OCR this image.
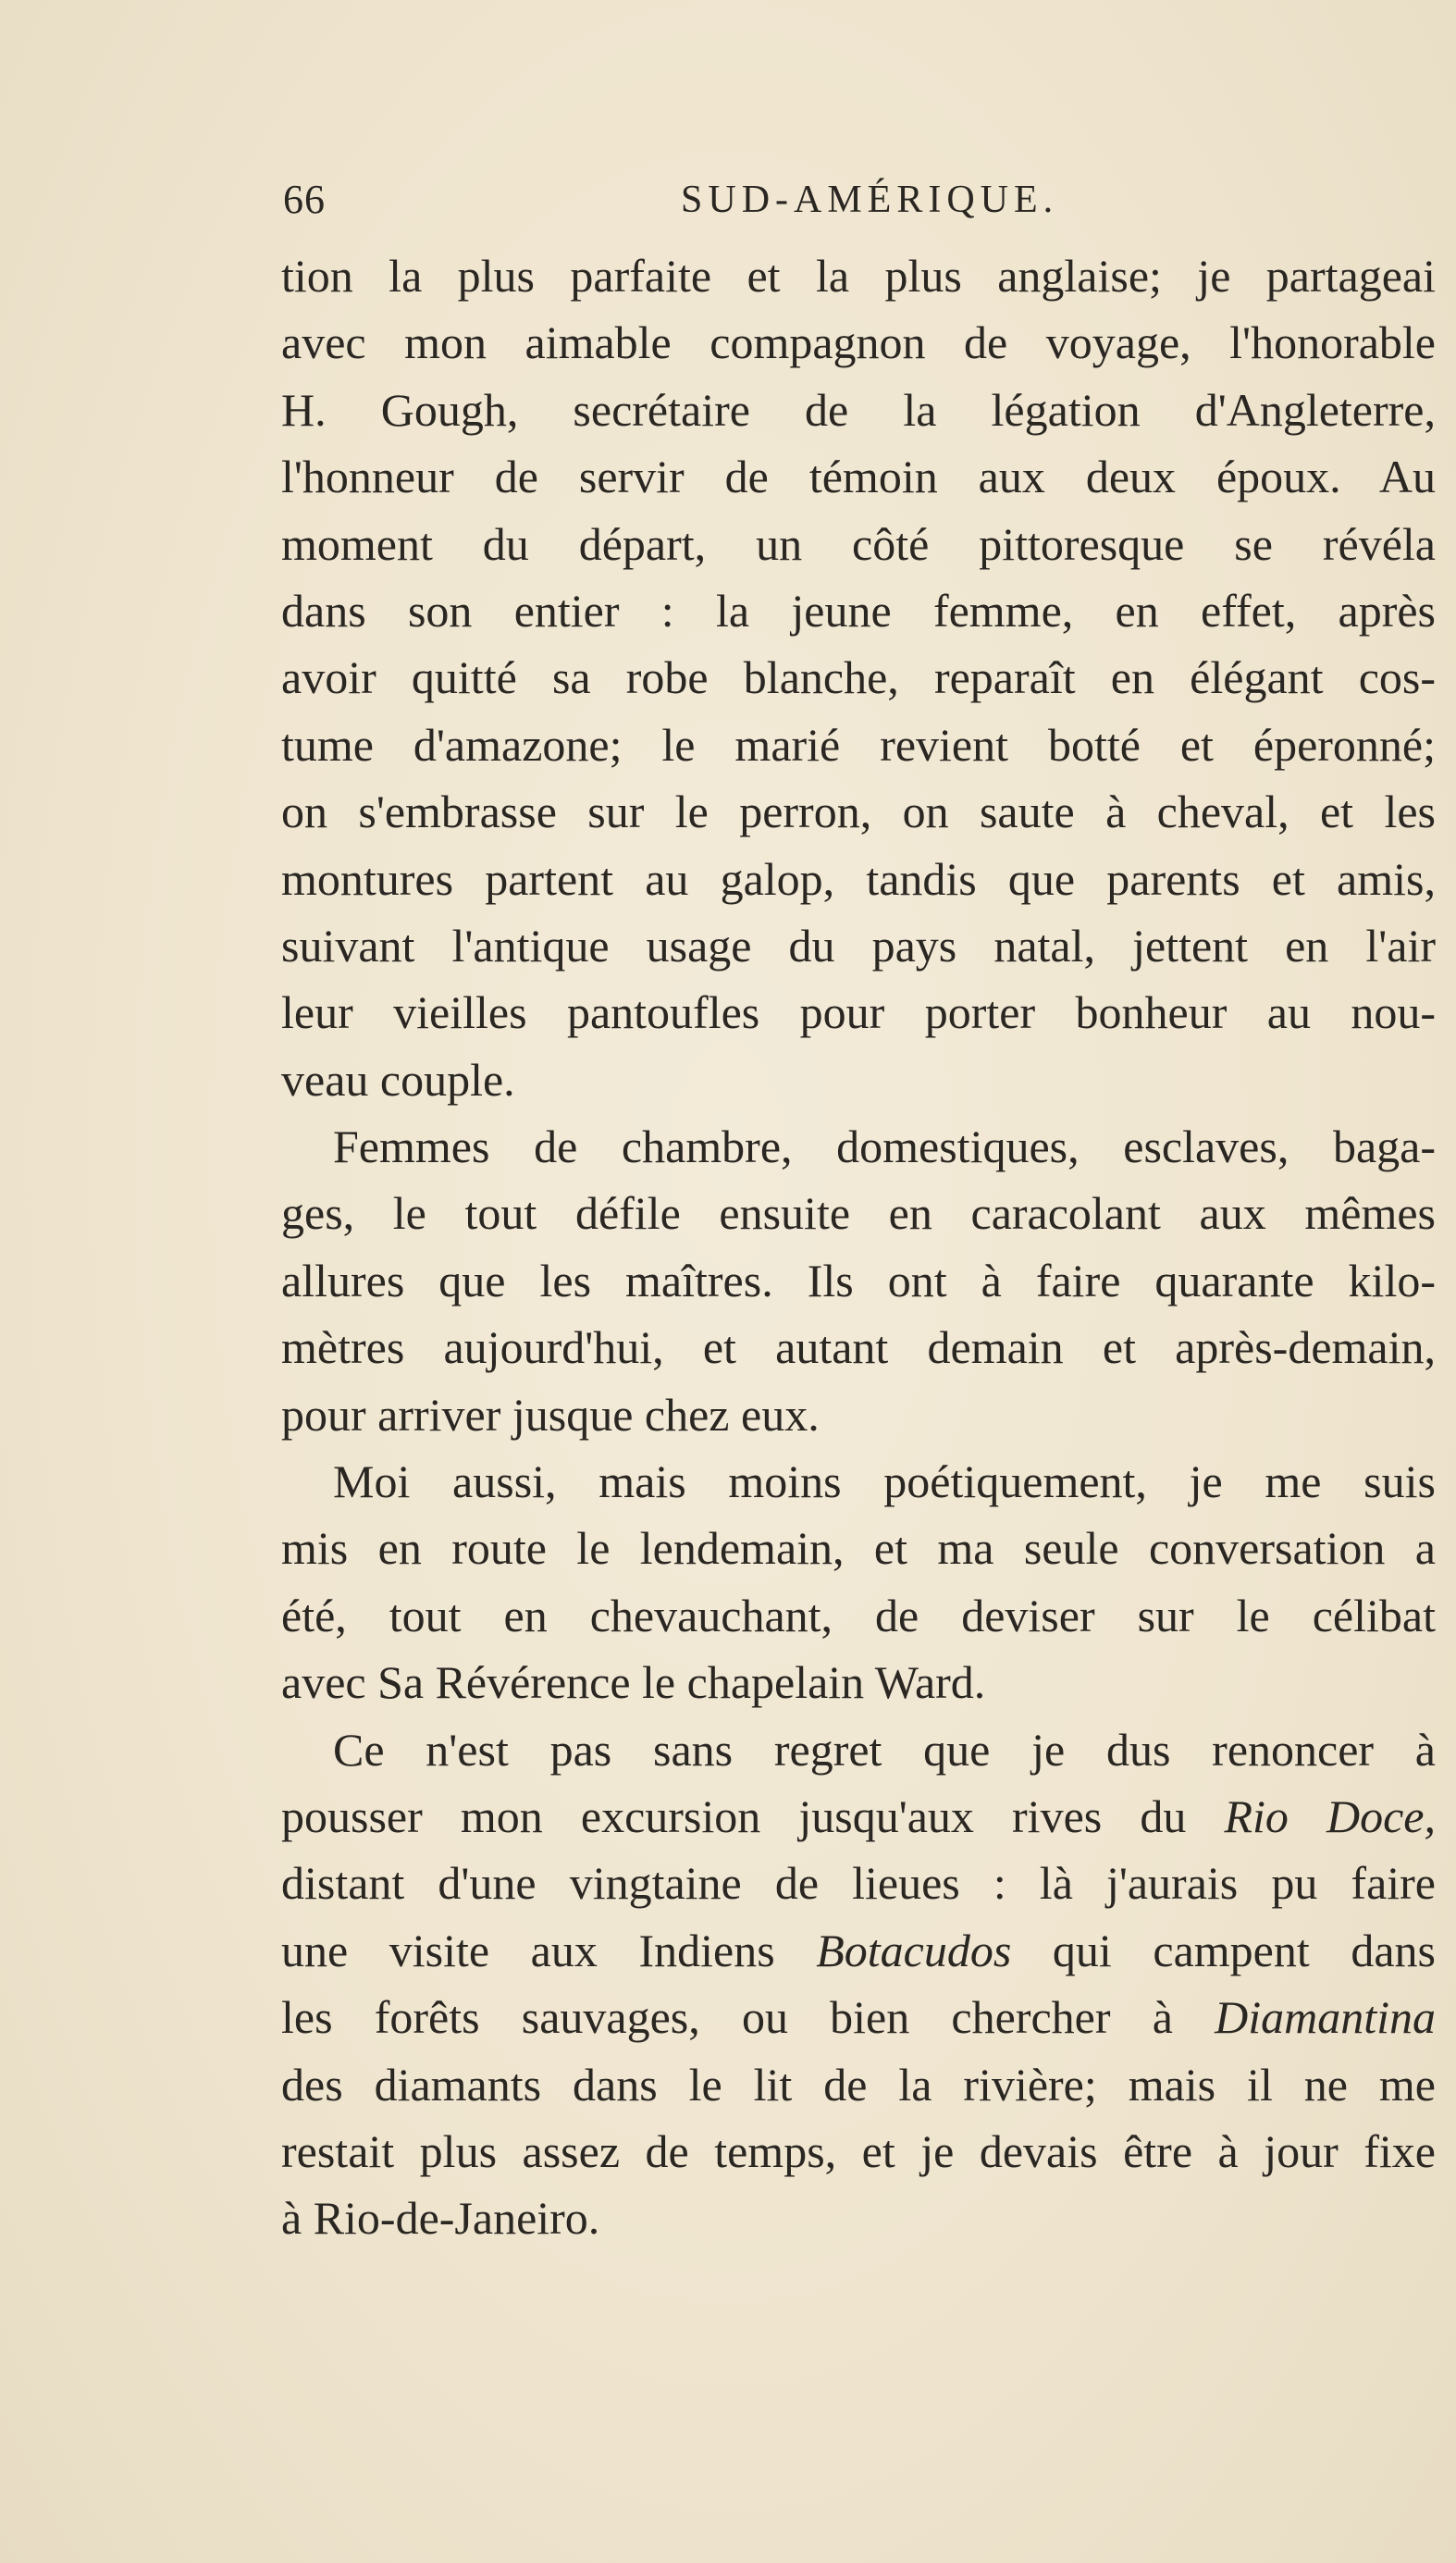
66	SUD-AMÉRIQUE.
tion la plus parfaite et la plus anglaise; je partageai
avec mon aimable compagnon de voyage, l'honorable
H. Gough, secrétaire de la légation d'Angleterre,
l'honneur de servir de témoin aux deux époux. Au
moment du départ, un côté pittoresque se révéla
dans son entier : la jeune femme, en effet, après
avoir quitté sa robe blanche, reparaît en élégant cos-
tume d'amazone; le marié revient botté et éperonné;
on s'embrasse sur le perron, on saute à cheval, et les
montures partent au galop, tandis que parents et amis,
suivant l'antique usage du pays natal, jettent en l'air
leur vieilles pantoufles pour porter bonheur au nou-
veau couple.
Femmes de chambre, domestiques, esclaves, baga-
ges, le tout défile ensuite en caracolant aux mêmes
allures que les maîtres. Ils ont à faire quarante kilo-
mètres aujourd'hui, et autant demain et après-demain,
pour arriver jusque chez eux.
Moi aussi, mais moins poétiquement, je me suis
mis en route le lendemain, et ma seule conversation a
été, tout en chevauchant, de deviser sur le célibat
avec Sa Révérence le chapelain Ward.
Ce n'est pas sans regret que je dus renoncer à
pousser mon excursion jusqu'aux rives du Rio Doce,
distant d'une vingtaine de lieues : là j'aurais pu faire
une visite aux Indiens Botacudos qui campent dans
les forêts sauvages, ou bien chercher à Diamantina
des diamants dans le lit de la rivière; mais il ne me
restait plus assez de temps, et je devais être à jour fixe
à Rio-de-Janeiro.
